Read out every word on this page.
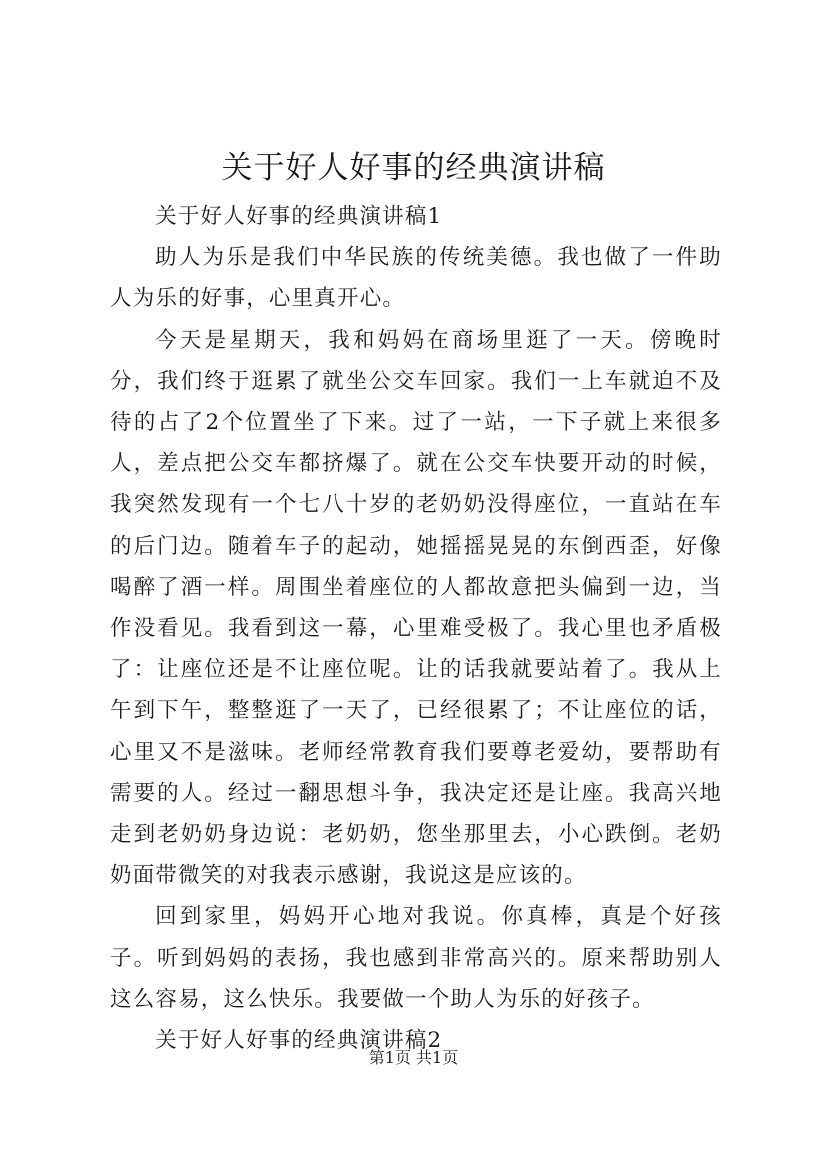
关于好人好事的经典演讲稿

关于好人好事的经典演讲稿1

助人为乐是我们中华民族的传统美德。我也做了一件助人为乐的好事，心里真开心。

今天是星期天，我和妈妈在商场里逛了一天。傍晚时分，我们终于逛累了就坐公交车回家。我们一上车就迫不及待的占了2个位置坐了下来。过了一站，一下子就上来很多人，差点把公交车都挤爆了。就在公交车快要开动的时候，我突然发现有一个七八十岁的老奶奶没得座位，一直站在车的后门边。随着车子的起动，她摇摇晃晃的东倒西歪，好像喝醉了酒一样。周围坐着座位的人都故意把头偏到一边，当作没看见。我看到这一幕，心里难受极了。我心里也矛盾极了：让座位还是不让座位呢。让的话我就要站着了。我从上午到下午，整整逛了一天了，已经很累了；不让座位的话，心里又不是滋味。老师经常教育我们要尊老爱幼，要帮助有需要的人。经过一翻思想斗争，我决定还是让座。我高兴地走到老奶奶身边说：老奶奶，您坐那里去，小心跌倒。老奶奶面带微笑的对我表示感谢，我说这是应该的。

回到家里，妈妈开心地对我说。你真棒，真是个好孩子。听到妈妈的表扬，我也感到非常高兴的。原来帮助别人这么容易，这么快乐。我要做一个助人为乐的好孩子。

关于好人好事的经典演讲稿2

第1页 共1页
